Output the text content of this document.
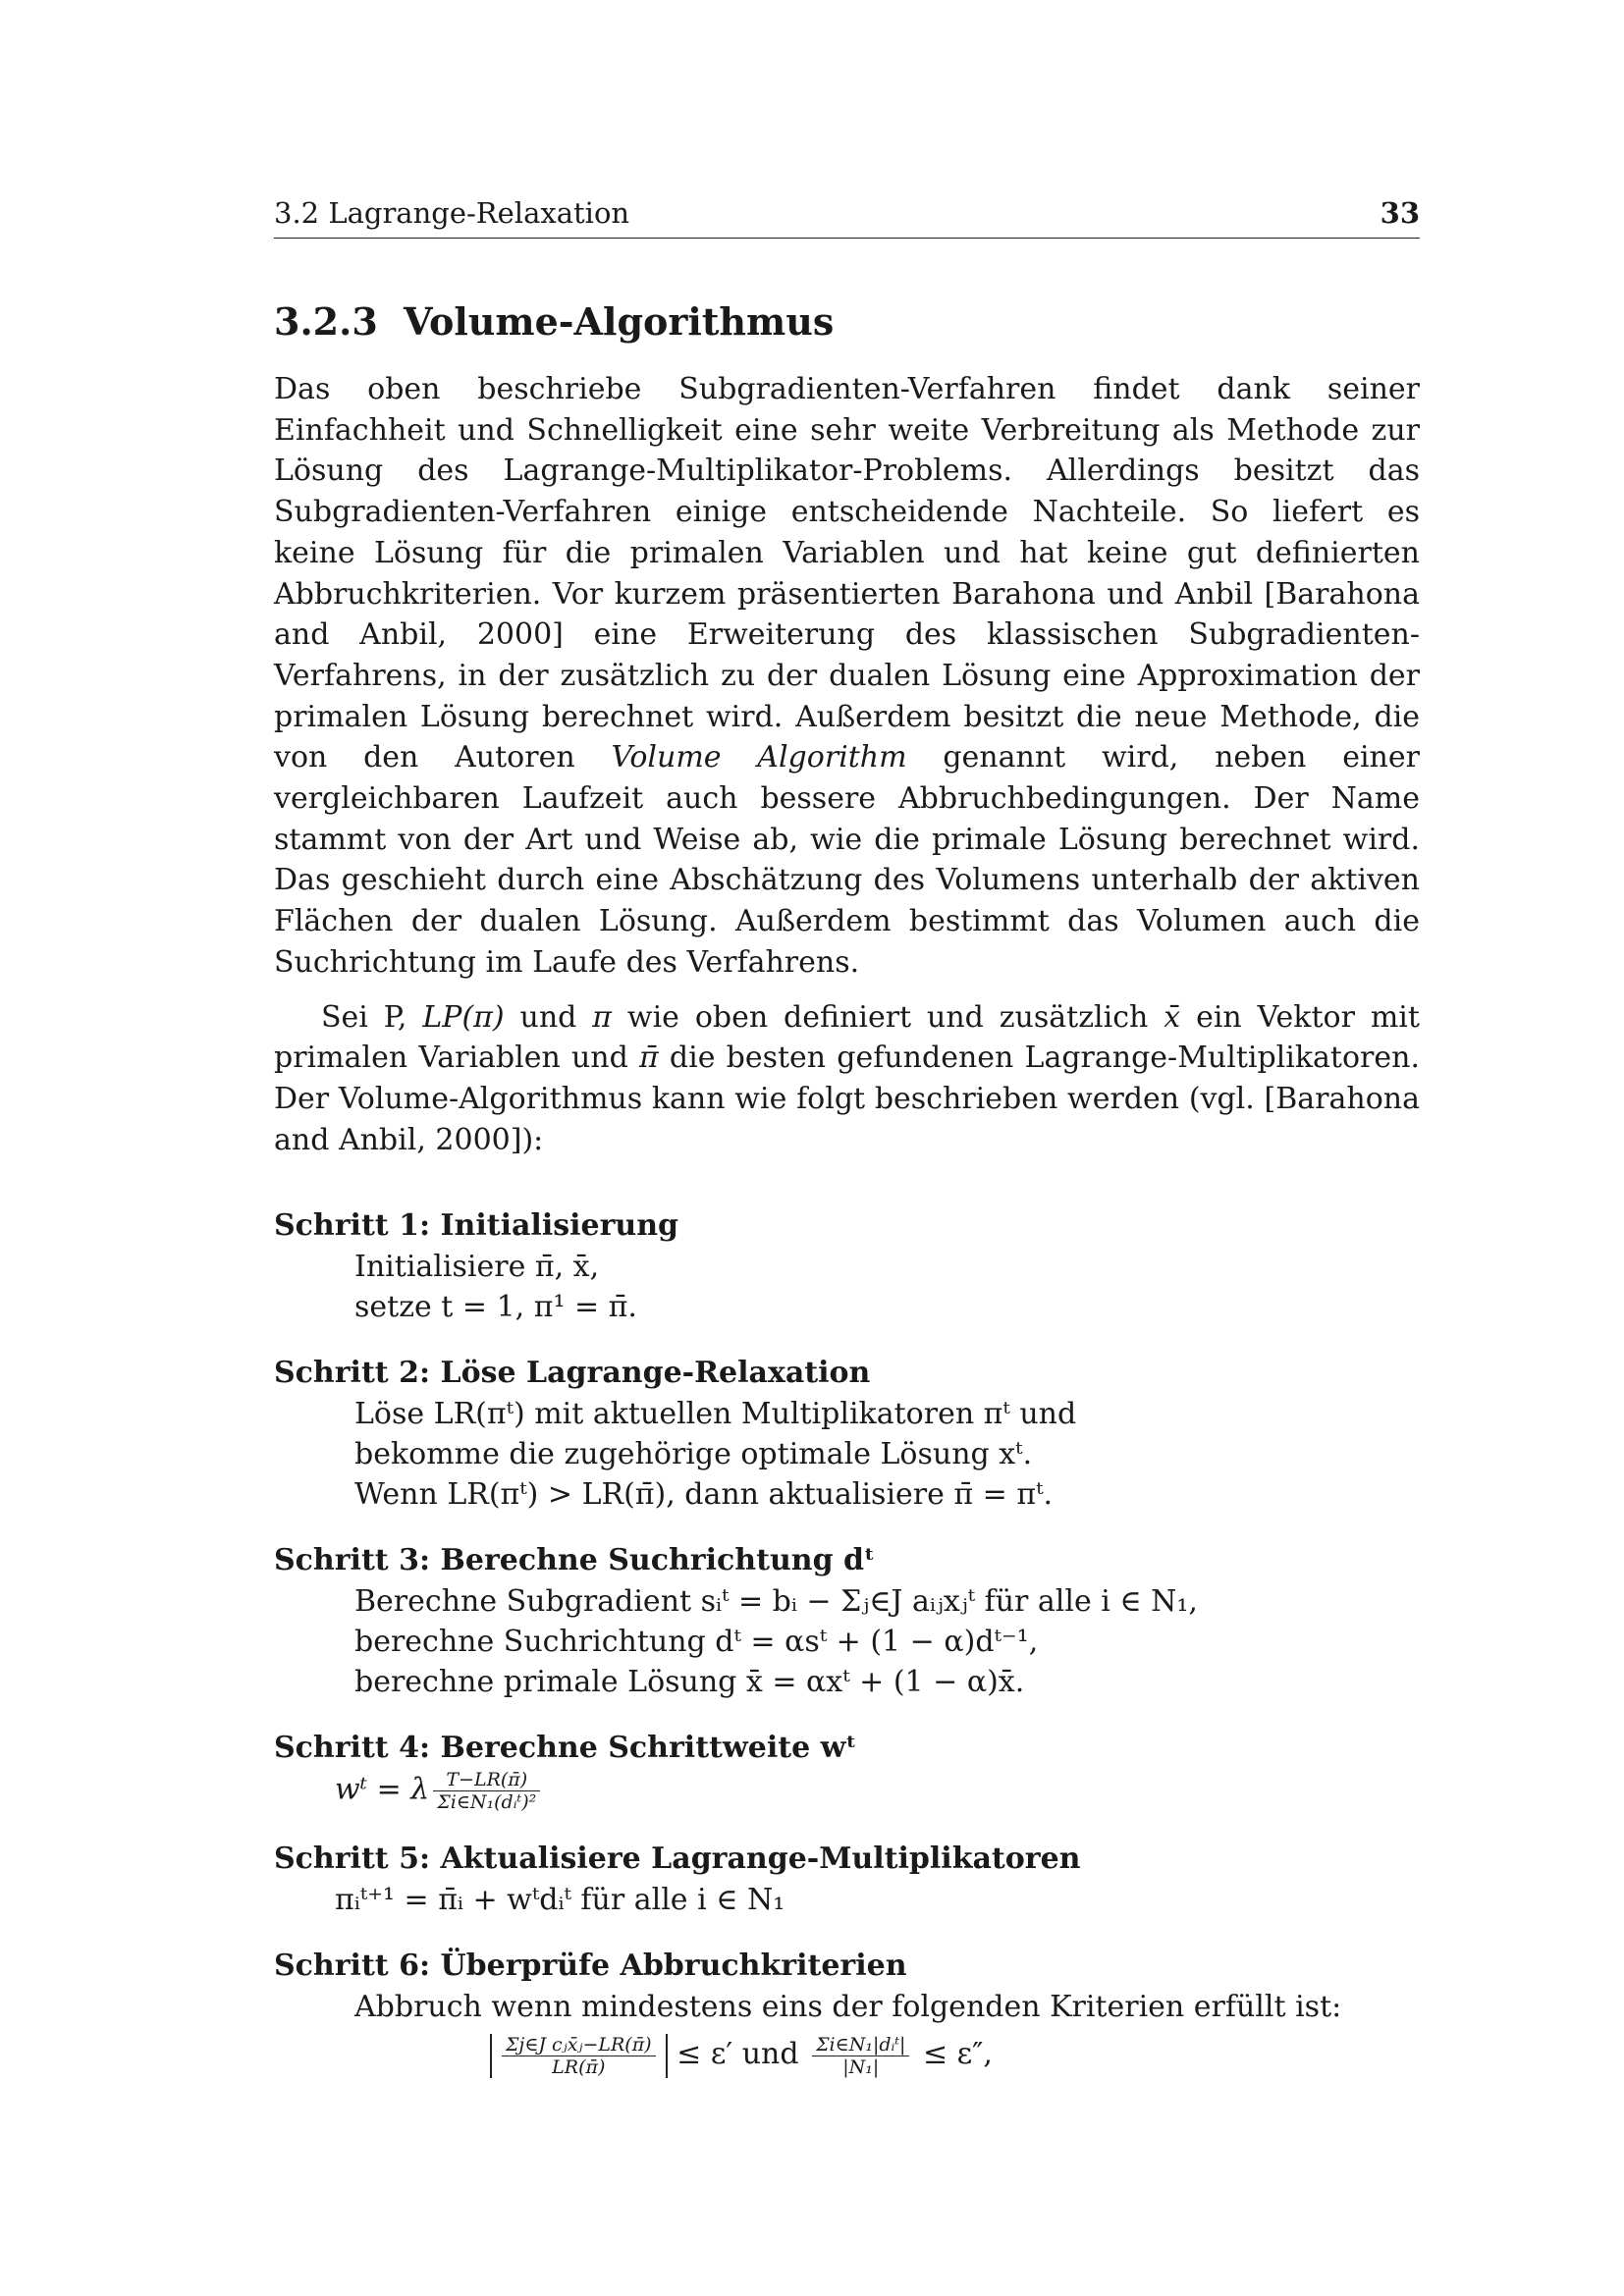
3.2 Lagrange-Relaxation	33
3.2.3 Volume-Algorithmus

Das oben beschriebe Subgradienten-Verfahren findet dank seiner Einfachheit und Schnelligkeit eine sehr weite Verbreitung als Methode zur Lösung des Lagrange-Multiplikator-Problems. Allerdings besitzt das Subgradienten-Verfahren einige entscheidende Nachteile. So liefert es keine Lösung für die primalen Variablen und hat keine gut definierten Abbruchkriterien. Vor kurzem präsentierten Barahona und Anbil [Barahona and Anbil, 2000] eine Erweiterung des klassischen Subgradienten-Verfahrens, in der zusätzlich zu der dualen Lösung eine Approximation der primalen Lösung berechnet wird. Außerdem besitzt die neue Methode, die von den Autoren Volume Algorithm genannt wird, neben einer vergleichbaren Laufzeit auch bessere Abbruchbedingungen. Der Name stammt von der Art und Weise ab, wie die primale Lösung berechnet wird. Das geschieht durch eine Abschätzung des Volumens unterhalb der aktiven Flächen der dualen Lösung. Außerdem bestimmt das Volumen auch die Suchrichtung im Laufe des Verfahrens.

Sei P, LP(π) und π wie oben definiert und zusätzlich x̄ ein Vektor mit primalen Variablen und π̄ die besten gefundenen Lagrange-Multiplikatoren. Der Volume-Algorithmus kann wie folgt beschrieben werden (vgl. [Barahona and Anbil, 2000]):

Schritt 1: Initialisierung
Initialisiere π̄, x̄,
setze t = 1, π¹ = π̄.
Schritt 2: Löse Lagrange-Relaxation
Löse LR(πᵗ) mit aktuellen Multiplikatoren πᵗ und
bekomme die zugehörige optimale Lösung xᵗ.
Wenn LR(πᵗ) > LR(π̄), dann aktualisiere π̄ = πᵗ.
Schritt 3: Berechne Suchrichtung dᵗ
Berechne Subgradient sᵢᵗ = bᵢ − Σⱼ∈J aᵢⱼxⱼᵗ für alle i ∈ N₁,
berechne Suchrichtung dᵗ = αsᵗ + (1 − α)dᵗ⁻¹,
berechne primale Lösung x̄ = αxᵗ + (1 − α)x̄.
Schritt 4: Berechne Schrittweite wᵗ
wᵗ = λ $\frac{T-LR(\pī)}{\text{Σi∈N₁(dᵢᵗ)²}}$
Schritt 5: Aktualisiere Lagrange-Multiplikatoren
πᵢᵗ⁺¹ = π̄ᵢ + wᵗdᵢᵗ für alle i ∈ N₁
Schritt 6: Überprüfe Abbruchkriterien
Abbruch wenn mindestens eins der folgenden Kriterien erfüllt ist:
$\frac{\text{Σj∈J cⱼx̄ⱼ−LR(π̄)}}{LR(\pī)} \le \varepsilon'$ und $\frac{\text{Σi∈N₁|dᵢᵗ|}}{\text{|N₁|}} \le \varepsilon''$,
